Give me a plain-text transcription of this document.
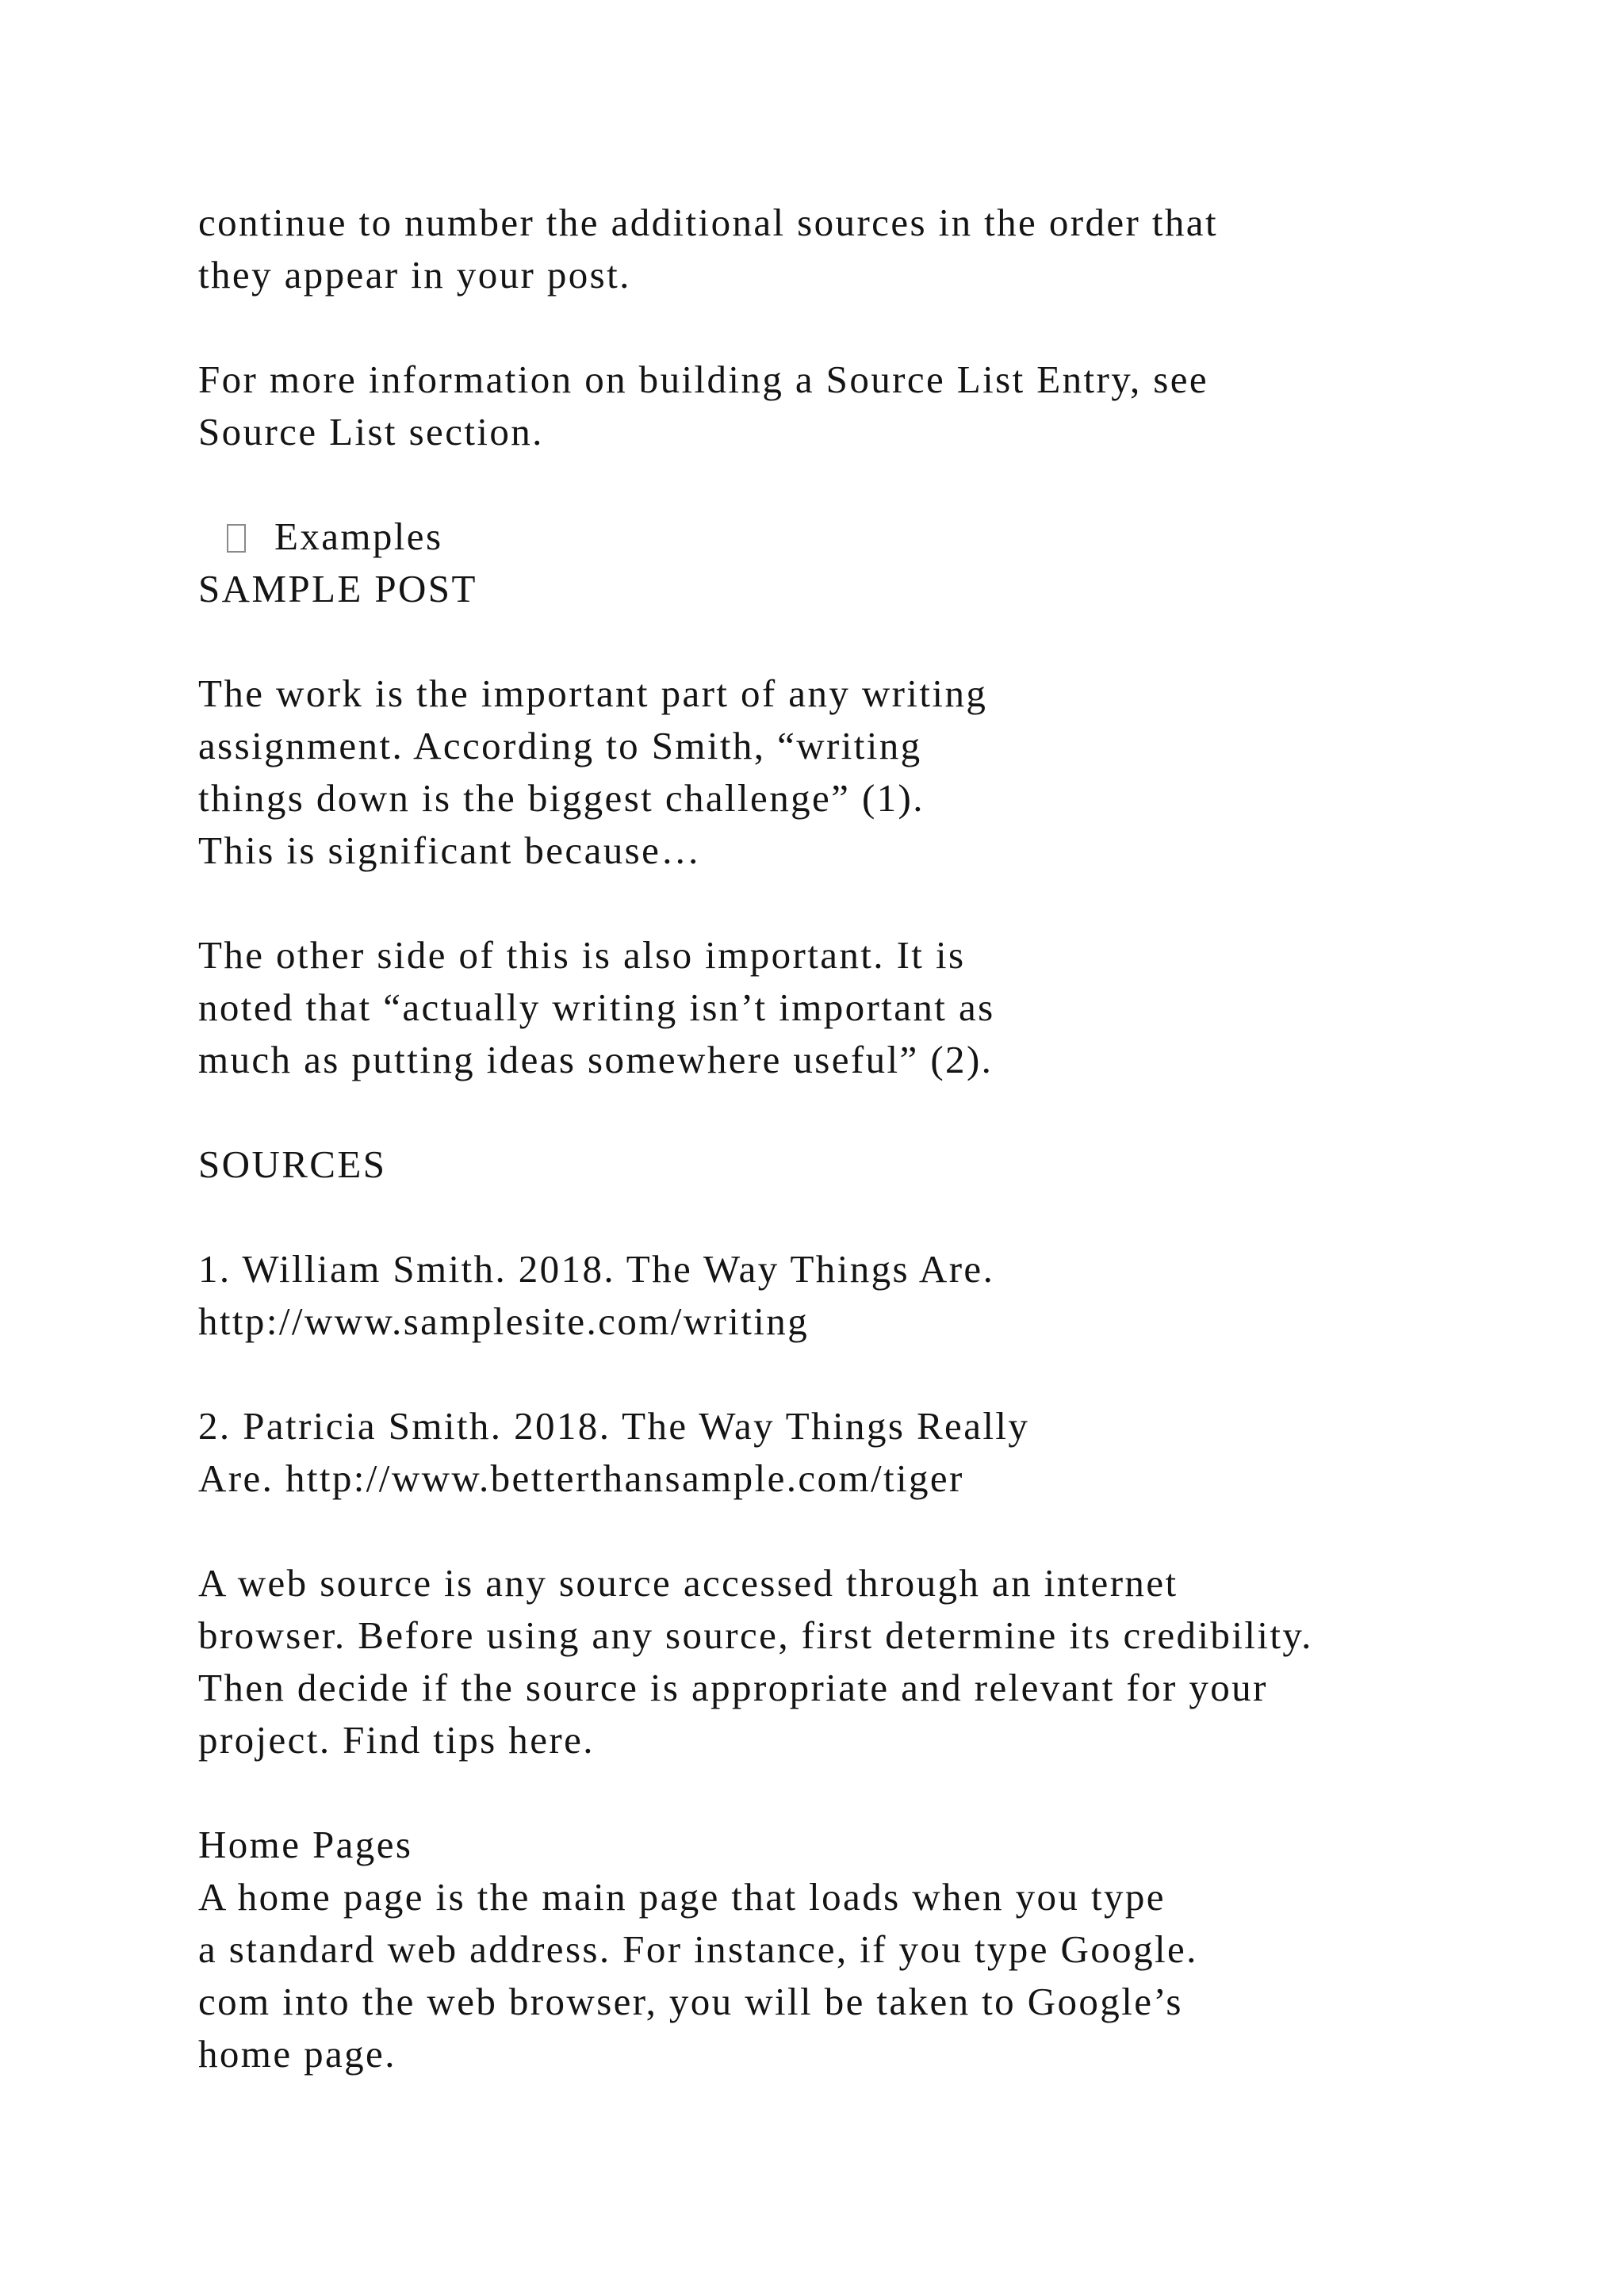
continue to number the additional sources in the order that
they appear in your post.
For more information on building a Source List Entry, see
Source List section.
Examples
SAMPLE POST
The work is the important part of any writing
assignment. According to Smith, “writing
things down is the biggest challenge” (1).
This is significant because…
The other side of this is also important. It is
noted that “actually writing isn’t important as
much as putting ideas somewhere useful” (2).
SOURCES
1. William Smith. 2018. The Way Things Are.
http://www.samplesite.com/writing
2. Patricia Smith. 2018. The Way Things Really
Are. http://www.betterthansample.com/tiger
A web source is any source accessed through an internet
browser. Before using any source, first determine its credibility.
Then decide if the source is appropriate and relevant for your
project. Find tips here.
Home Pages
A home page is the main page that loads when you type
a standard web address. For instance, if you type Google.
com into the web browser, you will be taken to Google’s
home page.
